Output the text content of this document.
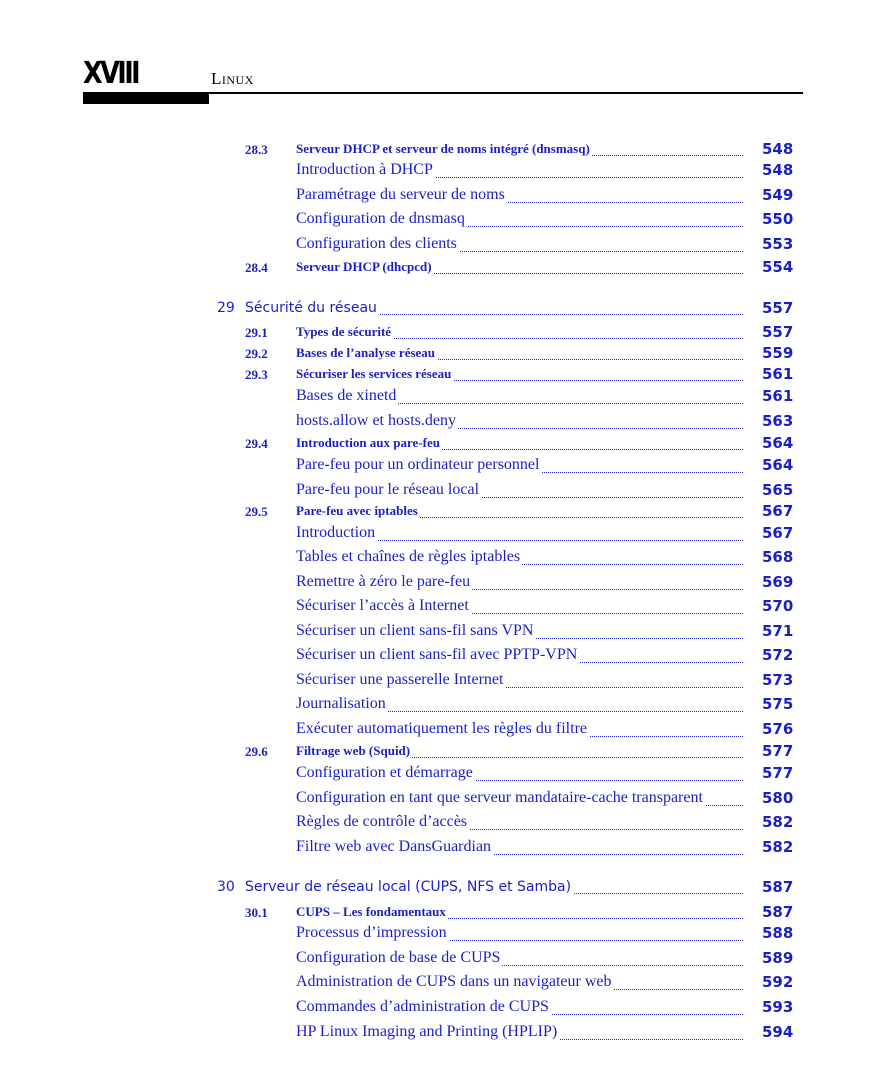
XVIII	Linux
28.3 Serveur DHCP et serveur de noms intégré (dnsmasq)	548
Introduction à DHCP	548
Paramétrage du serveur de noms	549
Configuration de dnsmasq	550
Configuration des clients	553
28.4 Serveur DHCP (dhcpcd)	554
29 Sécurité du réseau	557
29.1 Types de sécurité	557
29.2 Bases de l’analyse réseau	559
29.3 Sécuriser les services réseau	561
Bases de xinetd	561
hosts.allow et hosts.deny	563
29.4 Introduction aux pare-feu	564
Pare-feu pour un ordinateur personnel	564
Pare-feu pour le réseau local	565
29.5 Pare-feu avec iptables	567
Introduction	567
Tables et chaînes de règles iptables	568
Remettre à zéro le pare-feu	569
Sécuriser l’accès à Internet	570
Sécuriser un client sans-fil sans VPN	571
Sécuriser un client sans-fil avec PPTP-VPN	572
Sécuriser une passerelle Internet	573
Journalisation	575
Exécuter automatiquement les règles du filtre	576
29.6 Filtrage web (Squid)	577
Configuration et démarrage	577
Configuration en tant que serveur mandataire-cache transparent	580
Règles de contrôle d’accès	582
Filtre web avec DansGuardian	582
30 Serveur de réseau local (CUPS, NFS et Samba)	587
30.1 CUPS – Les fondamentaux	587
Processus d’impression	588
Configuration de base de CUPS	589
Administration de CUPS dans un navigateur web	592
Commandes d’administration de CUPS	593
HP Linux Imaging and Printing (HPLIP)	594
